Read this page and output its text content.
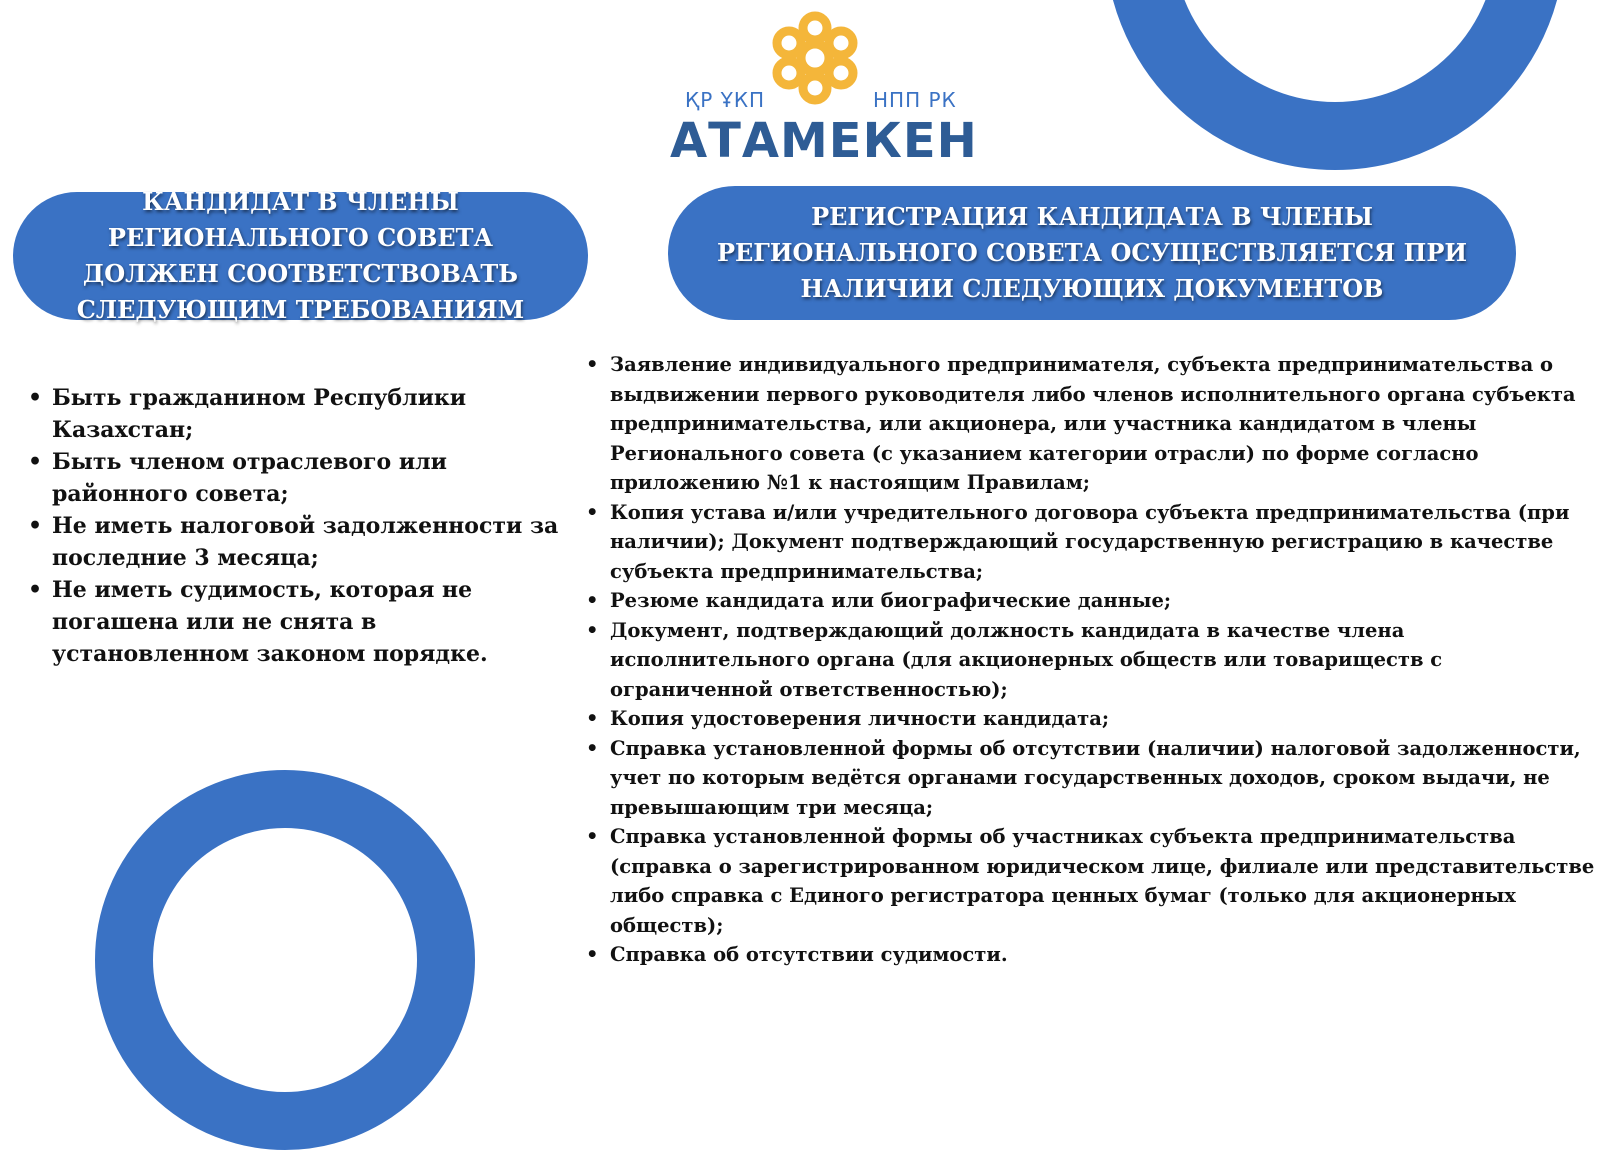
ҚР ҰКП	НПП РК
АТАМЕКЕН
КАНДИДАТ В ЧЛЕНЫ РЕГИОНАЛЬНОГО СОВЕТА ДОЛЖЕН СООТВЕТСТВОВАТЬ СЛЕДУЮЩИМ ТРЕБОВАНИЯМ
РЕГИСТРАЦИЯ КАНДИДАТА В ЧЛЕНЫ РЕГИОНАЛЬНОГО СОВЕТА ОСУЩЕСТВЛЯЕТСЯ ПРИ НАЛИЧИИ СЛЕДУЮЩИХ ДОКУМЕНТОВ
• Быть гражданином Республики Казахстан;
• Быть членом отраслевого или районного совета;
• Не иметь налоговой задолженности за последние 3 месяца;
• Не иметь судимость, которая не погашена или не снята в установленном законом порядке.
• Заявление индивидуального предпринимателя, субъекта предпринимательства о выдвижении первого руководителя либо членов исполнительного органа субъекта предпринимательства, или акционера, или участника кандидатом в члены Регионального совета (с указанием категории отрасли) по форме согласно приложению №1 к настоящим Правилам;
• Копия устава и/или учредительного договора субъекта предпринимательства (при наличии); Документ подтверждающий государственную регистрацию в качестве субъекта предпринимательства;
• Резюме кандидата или биографические данные;
• Документ, подтверждающий должность кандидата в качестве члена исполнительного органа (для акционерных обществ или товариществ с ограниченной ответственностью);
• Копия удостоверения личности кандидата;
• Справка установленной формы об отсутствии (наличии) налоговой задолженности, учет по которым ведётся органами государственных доходов, сроком выдачи, не превышающим три месяца;
• Справка установленной формы об участниках субъекта предпринимательства (справка о зарегистрированном юридическом лице, филиале или представительстве либо справка с Единого регистратора ценных бумаг (только для акционерных обществ);
• Справка об отсутствии судимости.
